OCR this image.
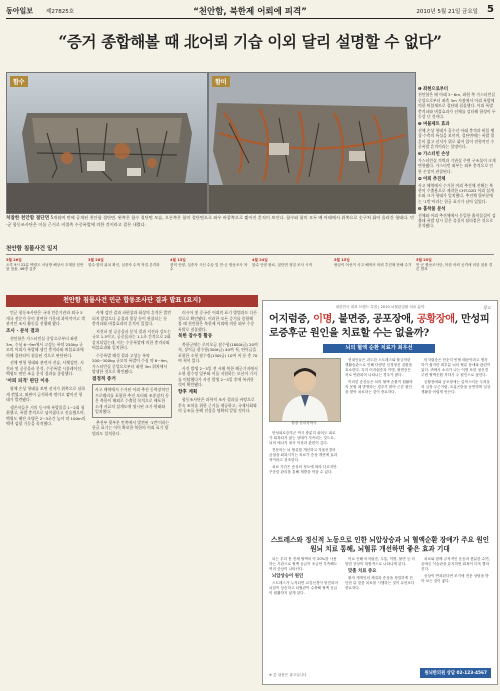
동아일보 제27825호	“천안함, 북한제 어뢰에 피격”	2010년 5월 21일 금요일 5
“증거 종합해볼 때 北어뢰 기습 이외 달리 설명할 수 없다”
함수	함미
처참한 천안함 절단면 5개월여 만에 공개된 천안함 절단면. 왼쪽은 함수 절단면 모습, 오른쪽은 함미 절단면으로 좌우 바깥쪽으로 찢어진 흔적이 보인다. 함수와 함미 모두 배 아래에서 위쪽으로 솟구쳐 휘어 올라간 형태다. 민·군 합동조사단은 이를 근거로 비접촉 수중폭발에 의한 것이라고 결론 내렸다.
❶ 좌현으로부터
천안함은 배 아래 3~6m, 좌현 쪽 가스터빈실 중앙으로부터 좌측 3m 지점에서 어뢰 폭발에 의한 버블제트로 절단돼 침몰했다. 어뢰 폭발 충격파와 버블효과가 선체를 강타해 함정이 두 동강 난 것이다.
❷ 버블제트 효과
선체 손상 형태가 흘수선 아래 충격과 버블 팽창·수축의 특성을 보이며, 절단면에는 폭발 열흔이 없고 선저가 위로 휘어 있어 전형적인 수중폭발 흔적이라는 설명이다.
❸ 가스터빈 손상
가스터빈실 격벽과 기관실 주변 구조물이 크게 변형됐다. 가스터빈 외부는 외부 충격으로 인한 손상이 관찰된다.
❹ 어뢰 추진체
사고 해역에서 수거한 어뢰 추진체 잔해는 북한이 수출용으로 제작한 CHT-02D 어뢰 설계도와 크기·형태가 일치했다. 추진체 뒷부분에는 ‘1번’이라는 한글 표기가 남아 있었다.
❺ 흡착물 분석
선체와 어뢰 추진체에서 동일한 흡착물질이 검출돼 폭발 당시 같은 물질이 달라붙은 것으로 분석됐다.
천안함 침몰사건 일지
3월 26일
오후 9시 22분 백령도 서남방 해상서 초계함 천안함 침몰, 46명 실종
3월 28일
함수·함미 위치 확인, 실종자 수색 작업 본격화
4월 15일
함미 인양, 실종자 시신 수습 및 민·군 합동조사 착수
4월 24일
함수 인양 완료, 절단면 정밀 조사 시작
5월 15일
쌍끌이 어선이 사고 해역서 어뢰 추진체 잔해 수거
5월 20일
민·군 합동조사단, 북한 어뢰 공격에 의한 침몰 결론 발표
천안함 침몰사건 민군 합동조사단 결과 발표 (요지)

민군 합동조사단은 국내 전문기관과 외국 5개국 전문가 등이 참여한 가운데 과학적이고 객관적인 조사 활동을 진행해 왔다.

조사 · 분석 결과

천안함은 가스터빈실 중앙으로부터 좌현 3m, 수심 6~9m에서 고성능 폭약 250kg 규모의 어뢰가 폭발해 생긴 충격파와 버블효과에 의해 절단되어 침몰된 것으로 판단된다.

선체 변형 형태와 관련자 진술, 사체검안, 지진파 및 공중음파 분석, 수중폭발 시뮬레이션, 백령도 연안 조류 분석 결과를 종합했다.

'어뢰 피격' 판단 이유

함체 손상 형태를 보면 선저가 위쪽으로 심하게 꺾였고, 외판이 급격하게 꺾이고 찢어진 형태가 발견됐다.

생존자들은 거의 동시에 폭발음을 1~2회 청취했고, 폭발 충격으로 넘어졌다고 진술했으며, 백령도 해안 초병은 2~3초간 높이 약 100m의 백색 섬광 기둥을 목격했다.

사체 검안 결과 파편상과 화상의 흔적은 발견되지 않았으나 골절과 열상 등이 관찰되는 등 충격파와 버블효과의 흔적이 있었다.

지진파 및 공중음파 분석 결과 지진파 강도는 규모 1.5이고, 공중음파는 1.1초 간격으로 2회 감지되었는데, 이는 수중폭발에 의한 충격파와 버블효과와 일치한다.

수중폭발 해석 결과 고성능 폭약 200~300kg 규모의 폭발이 수심 약 6~9m, 가스터빈실 중앙으로부터 좌현 3m 위치에서 발생한 것으로 확인됐다.

결정적 증거

사고 해역에서 수거된 어뢰 추진 동력장치인 프로펠러를 포함한 추진 모터와 조종장치 등은 북한이 해외로 수출할 목적으로 배포한 소개 자료의 설계도에 명시된 크기·형태와 일치했다.

추진부 뒷부분 안쪽에서 발견된 '1번'이라는 한글 표기는 이미 확보한 북한의 어뢰 표기 방법과도 일치한다.

러시아 및 중국산 어뢰의 표기 방법과도 다른 것으로 확인됐다. 이러한 모든 증거를 종합해 볼 때 천안함은 북한제 어뢰에 의한 외부 수중폭발로 침몰했다.

북한 잠수정 활동

북한군에는 로미오급 잠수함(1800t급) 20여 척, 상어급 잠수함(300t급) 40여 척, 연어급을 포함한 소형 잠수정(130t급) 10여 척 등 총 70여 척이 있다.

사건 발생 2~3일 전 서해 북한 해군기지에서 소형 잠수정 일부와 이를 지원하는 모선이 기지를 이탈했다가 사건 발생 2~3일 후에 복귀한 것이 확인됐다.

향후 계획

합동조사단은 과학적 조사 결과를 바탕으로 후속 조치를 위한 근거를 제공하고, 국제사회와의 공조를 통해 진상을 명확히 알릴 것이다.

대한민국 대표 브랜드 특집 | 2010 뇌혈관질환 치료 분야	광고
어지럼증, 이명, 불면증, 공포장애, 공황장애, 만성피로증후군 원인을 치료할 수는 없을까?
뇌의 혈액 순환 치료가 최우선
원장 한의학박사

현대인들은 과도한 스트레스와 불규칙한 생활습관으로 인해 다양한 신경정신 질환을 호소한다. 특히 어지럼증과 이명, 불면증은 서로 연관되어 나타나는 경우가 많다.

이러한 증상들은 뇌의 혈액 순환이 원활하지 못할 때 발생하는 경우가 많아 근본 원인을 찾아 치료하는 것이 중요하다.

어지럼증은 단순히 빈혈 때문이라고 생각하기 쉽지만 대부분 뇌의 혈류 장애와 관련이 있다. 귀에서 소리가 나는 이명 또한 청신경 주변 혈액순환 저하가 주 원인으로 꼽힌다.

공황장애와 공포장애는 갑작스러운 두려움과 심장 두근거림, 호흡곤란을 동반하며 일상생활을 어렵게 만든다.

만성피로증후군 역시 충분히 쉬어도 피로가 회복되지 않는 상태가 지속되는 것으로, 뇌의 에너지 대사 이상과 관련이 깊다.

전문의는 뇌 혈류를 개선하고 자율신경의 균형을 회복시키는 치료가 증상 개선에 효과적이라고 강조한다.

치료 기간은 증상의 정도에 따라 다르지만 꾸준한 관리를 통해 재발을 막을 수 있다.

스트레스와 정신적 노동으로 인한 뇌압상승과 뇌 혈액순환 장애가 주요 원인 원뇌 치료 통해, 뇌혈류 개선하면 좋은 효과 기대

뇌는 우리 몸 전체 혈액의 약 20%를 사용하는 기관으로 혈액 공급이 조금만 부족해도 여러 증상이 나타난다.

뇌압상승이 원인

스트레스가 누적되면 교감신경이 항진되어 뇌압이 상승하고 뇌혈관이 수축해 혈액 공급이 원활하지 않게 된다.

이로 인해 어지럼증, 두통, 이명, 불면 등 다양한 증상이 복합적으로 나타나게 된다.

맞춤 치료 중요

환자 개개인의 체질과 증상을 정밀하게 진단한 뒤 맞춤 치료를 시행하는 것이 무엇보다 중요하다.

치료와 함께 규칙적인 운동과 충분한 수면, 올바른 식습관을 유지하면 회복이 더욱 빨라진다.

증상이 반복된다면 조기에 전문 상담을 받아 보는 것이 좋다.

※ 본 내용은 광고입니다	원뇌한의원 상담 02-123-4567
